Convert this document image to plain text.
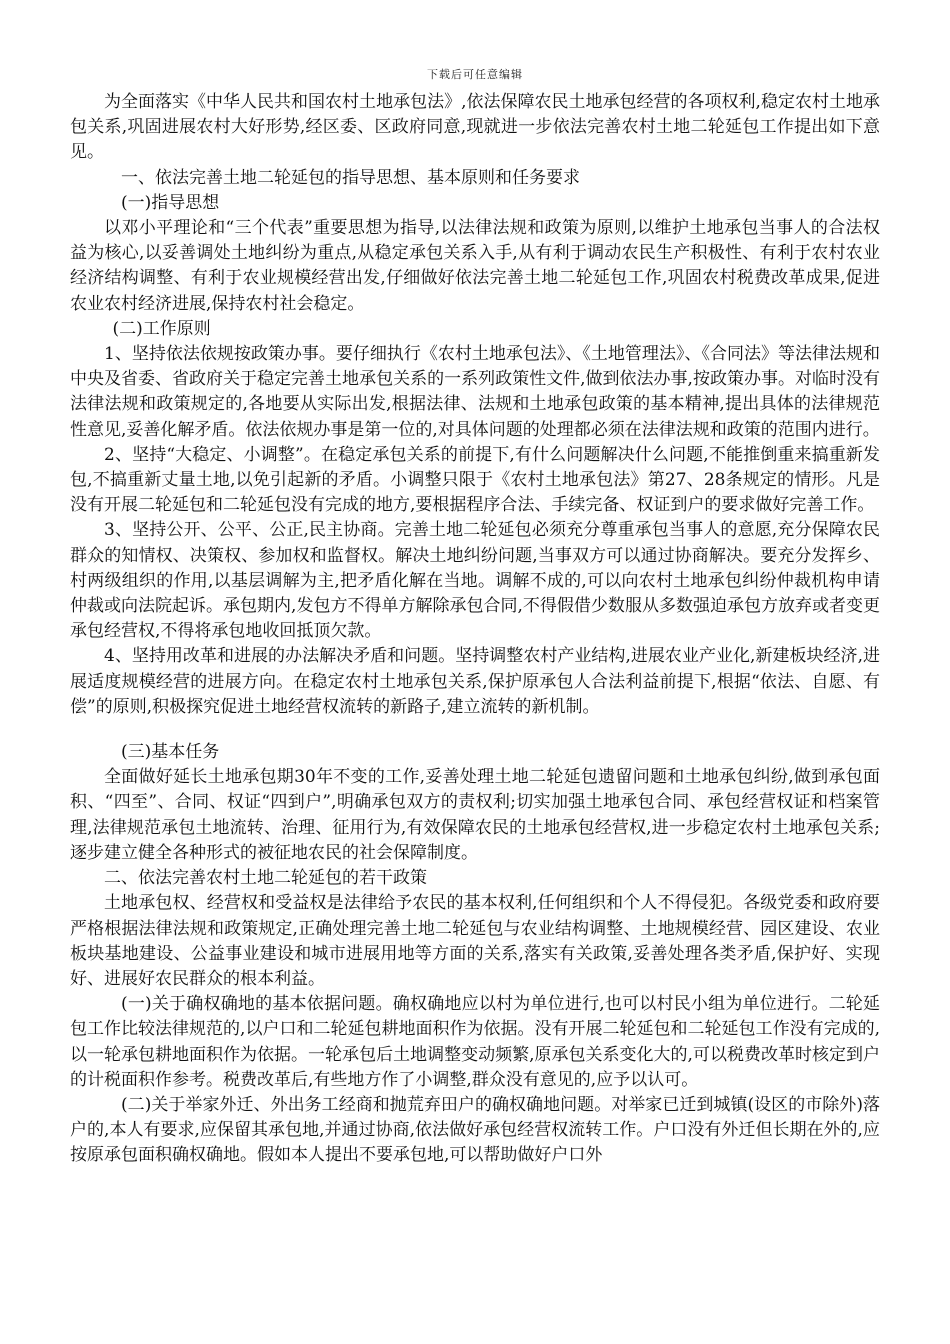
下载后可任意编辑

为全面落实《中华人民共和国农村土地承包法》,依法保障农民土地承包经营的各项权利,稳定农村土地承包关系,巩固进展农村大好形势,经区委、区政府同意,现就进一步依法完善农村土地二轮延包工作提出如下意见。

一、依法完善土地二轮延包的指导思想、基本原则和任务要求

(一)指导思想

以邓小平理论和“三个代表”重要思想为指导,以法律法规和政策为原则,以维护土地承包当事人的合法权益为核心,以妥善调处土地纠纷为重点,从稳定承包关系入手,从有利于调动农民生产积极性、有利于农村农业经济结构调整、有利于农业规模经营出发,仔细做好依法完善土地二轮延包工作,巩固农村税费改革成果,促进农业农村经济进展,保持农村社会稳定。

(二)工作原则

1、坚持依法依规按政策办事。要仔细执行《农村土地承包法》、《土地管理法》、《合同法》等法律法规和中央及省委、省政府关于稳定完善土地承包关系的一系列政策性文件,做到依法办事,按政策办事。对临时没有法律法规和政策规定的,各地要从实际出发,根据法律、法规和土地承包政策的基本精神,提出具体的法律规范性意见,妥善化解矛盾。依法依规办事是第一位的,对具体问题的处理都必须在法律法规和政策的范围内进行。

2、坚持“大稳定、小调整”。在稳定承包关系的前提下,有什么问题解决什么问题,不能推倒重来搞重新发包,不搞重新丈量土地,以免引起新的矛盾。小调整只限于《农村土地承包法》第27、28条规定的情形。凡是没有开展二轮延包和二轮延包没有完成的地方,要根据程序合法、手续完备、权证到户的要求做好完善工作。

3、坚持公开、公平、公正,民主协商。完善土地二轮延包必须充分尊重承包当事人的意愿,充分保障农民群众的知情权、决策权、参加权和监督权。解决土地纠纷问题,当事双方可以通过协商解决。要充分发挥乡、村两级组织的作用,以基层调解为主,把矛盾化解在当地。调解不成的,可以向农村土地承包纠纷仲裁机构申请仲裁或向法院起诉。承包期内,发包方不得单方解除承包合同,不得假借少数服从多数强迫承包方放弃或者变更承包经营权,不得将承包地收回抵顶欠款。

4、坚持用改革和进展的办法解决矛盾和问题。坚持调整农村产业结构,进展农业产业化,新建板块经济,进展适度规模经营的进展方向。在稳定农村土地承包关系,保护原承包人合法利益前提下,根据“依法、自愿、有偿”的原则,积极探究促进土地经营权流转的新路子,建立流转的新机制。

(三)基本任务

全面做好延长土地承包期30年不变的工作,妥善处理土地二轮延包遗留问题和土地承包纠纷,做到承包面积、“四至”、合同、权证“四到户”,明确承包双方的责权利;切实加强土地承包合同、承包经营权证和档案管理,法律规范承包土地流转、治理、征用行为,有效保障农民的土地承包经营权,进一步稳定农村土地承包关系;逐步建立健全各种形式的被征地农民的社会保障制度。

二、依法完善农村土地二轮延包的若干政策

土地承包权、经营权和受益权是法律给予农民的基本权利,任何组织和个人不得侵犯。各级党委和政府要严格根据法律法规和政策规定,正确处理完善土地二轮延包与农业结构调整、土地规模经营、园区建设、农业板块基地建设、公益事业建设和城市进展用地等方面的关系,落实有关政策,妥善处理各类矛盾,保护好、实现好、进展好农民群众的根本利益。

(一)关于确权确地的基本依据问题。确权确地应以村为单位进行,也可以村民小组为单位进行。二轮延包工作比较法律规范的,以户口和二轮延包耕地面积作为依据。没有开展二轮延包和二轮延包工作没有完成的,以一轮承包耕地面积作为依据。一轮承包后土地调整变动频繁,原承包关系变化大的,可以税费改革时核定到户的计税面积作参考。税费改革后,有些地方作了小调整,群众没有意见的,应予以认可。

(二)关于举家外迁、外出务工经商和抛荒弃田户的确权确地问题。对举家已迁到城镇(设区的市除外)落户的,本人有要求,应保留其承包地,并通过协商,依法做好承包经营权流转工作。户口没有外迁但长期在外的,应按原承包面积确权确地。假如本人提出不要承包地,可以帮助做好户口外
